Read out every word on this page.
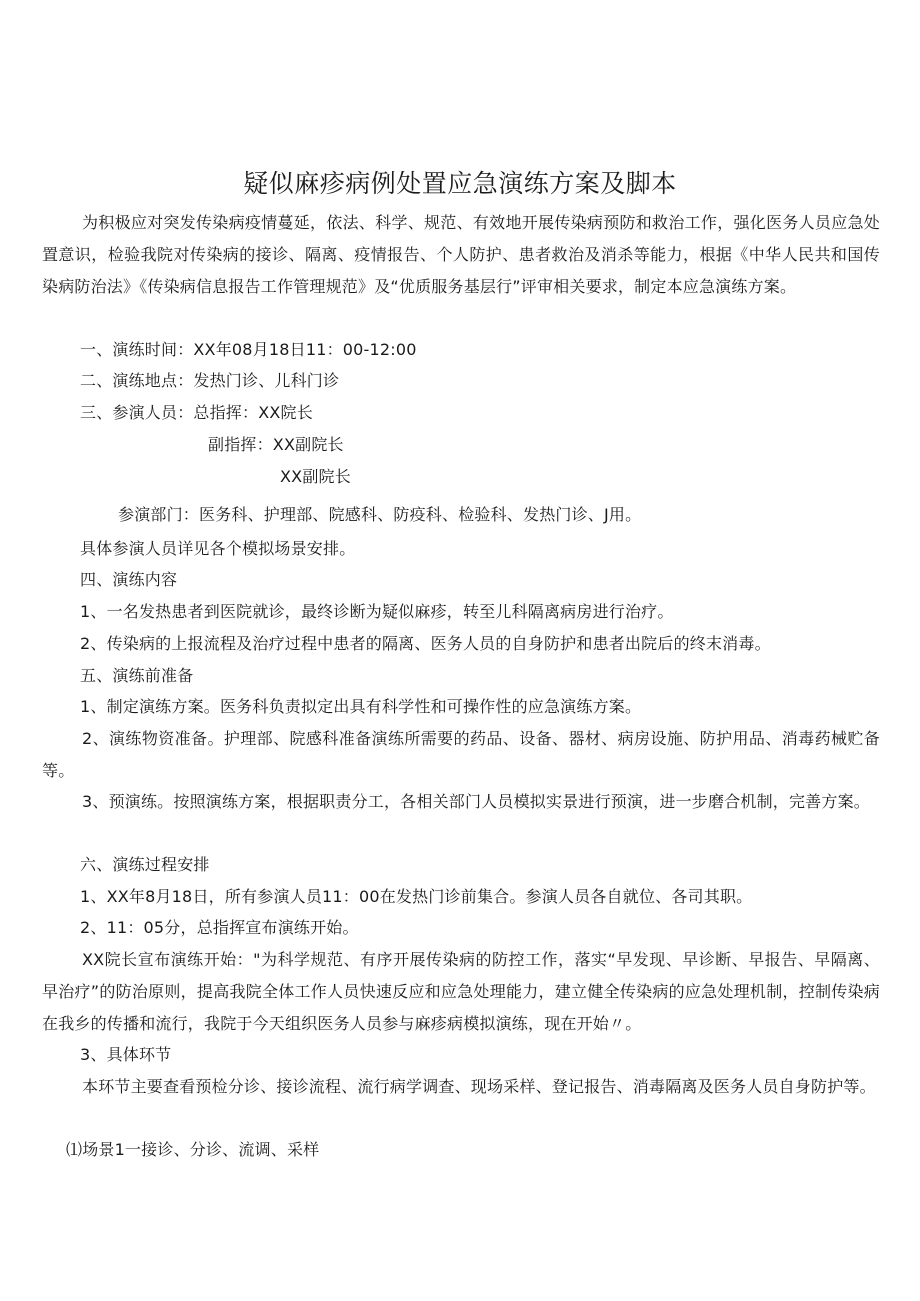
疑似麻疹病例处置应急演练方案及脚本
为积极应对突发传染病疫情蔓延，依法、科学、规范、有效地开展传染病预防和救治工作，强化医务人员应急处置意识，检验我院对传染病的接诊、隔离、疫情报告、个人防护、患者救治及消杀等能力，根据《中华人民共和国传染病防治法》《传染病信息报告工作管理规范》及“优质服务基层行”评审相关要求，制定本应急演练方案。
一、演练时间：XX年08月18日11：00-12:00
二、演练地点：发热门诊、儿科门诊
三、参演人员：总指挥：XX院长
副指挥：XX副院长
XX副院长
参演部门：医务科、护理部、院感科、防疫科、检验科、发热门诊、J用。
具体参演人员详见各个模拟场景安排。
四、演练内容
1、一名发热患者到医院就诊，最终诊断为疑似麻疹，转至儿科隔离病房进行治疗。
2、传染病的上报流程及治疗过程中患者的隔离、医务人员的自身防护和患者出院后的终末消毒。
五、演练前准备
1、制定演练方案。医务科负责拟定出具有科学性和可操作性的应急演练方案。
2、演练物资准备。护理部、院感科准备演练所需要的药品、设备、器材、病房设施、防护用品、消毒药械贮备等。
3、预演练。按照演练方案，根据职责分工，各相关部门人员模拟实景进行预演，进一步磨合机制，完善方案。
六、演练过程安排
1、XX年8月18日，所有参演人员11：00在发热门诊前集合。参演人员各自就位、各司其职。
2、11：05分，总指挥宣布演练开始。
XX院长宣布演练开始："为科学规范、有序开展传染病的防控工作，落实“早发现、早诊断、早报告、早隔离、早治疗”的防治原则，提高我院全体工作人员快速反应和应急处理能力，建立健全传染病的应急处理机制，控制传染病在我乡的传播和流行，我院于今天组织医务人员参与麻疹病模拟演练，现在开始〃。
3、具体环节
本环节主要查看预检分诊、接诊流程、流行病学调查、现场采样、登记报告、消毒隔离及医务人员自身防护等。
⑴场景1一接诊、分诊、流调、采样
